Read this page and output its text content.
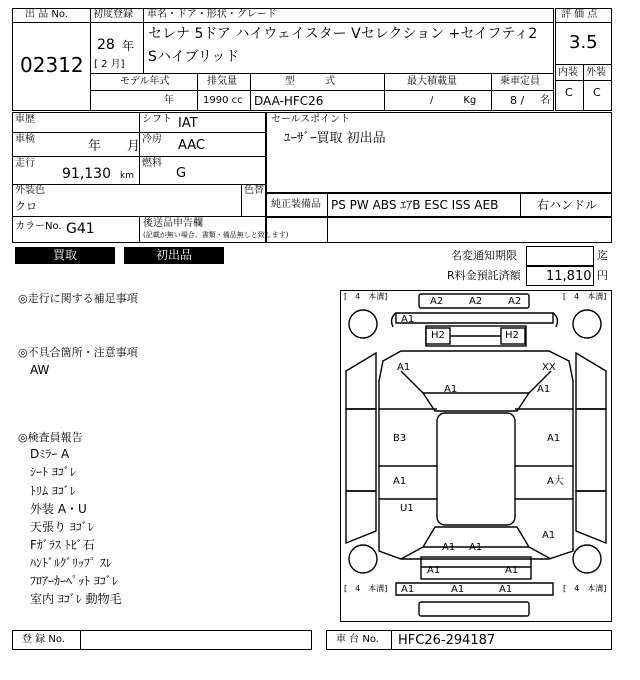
出 品 No.
02312
初度登録
28 年
[ 2 月]
車名・ドア・形状・グレード
セレナ 5ドア ハイウェイスター Vセレクション +セイフティ2
Sハイブリッド
モデル年式
年
排気量
1990 cc
型　　　式
DAA-HFC26
最大積載量
/　　　Kg
乗車定員
8 / 名
評 価 点
3.5
内装 外装
C C
車歴	シフト IAT
車検	年　　月 冷房 AAC
走行
91,130 km
燃料
G
外装色
クロ
色替
カラーNo. G41	後送品申告欄
(記載が無い場合、書類・備品無しと致します)
セールスポイント
ﾕｰｻﾞｰ買取 初出品
純正装備品 PS PW ABS ｴｱB ESC ISS AEB	右ハンドル
買取	初出品	名変通知期限	迄
R料金預託済額 11,810 円
◎走行に関する補足事項
◎不具合箇所・注意事項
AW
◎検査員報告
Dﾐﾗｰ A
ｼｰﾄ ﾖｺﾞﾚ
ﾄﾘﾑ ﾖｺﾞﾚ
外装 A・U
天張り ﾖｺﾞﾚ
Fｶﾞﾗｽ ﾄﾋﾞ石
ﾊﾝﾄﾞﾙｸﾞﾘｯﾌﾟ ｽﾚ
ﾌﾛｱｰｶｰﾍﾟｯﾄ ﾖｺﾞﾚ
室内 ﾖｺﾞﾚ 動物毛
[　4　本溝]	[　4　本溝]
[　4　本溝]	[　4　本溝]
A2	A2	A2
A1
H2	H2
A1	XX
A1
A1
B3	A1
A1	A大
U1
A1
A1 A1
A1	A1
A1	A1	A1
登 録 No.	車 台 No. HFC26-294187
